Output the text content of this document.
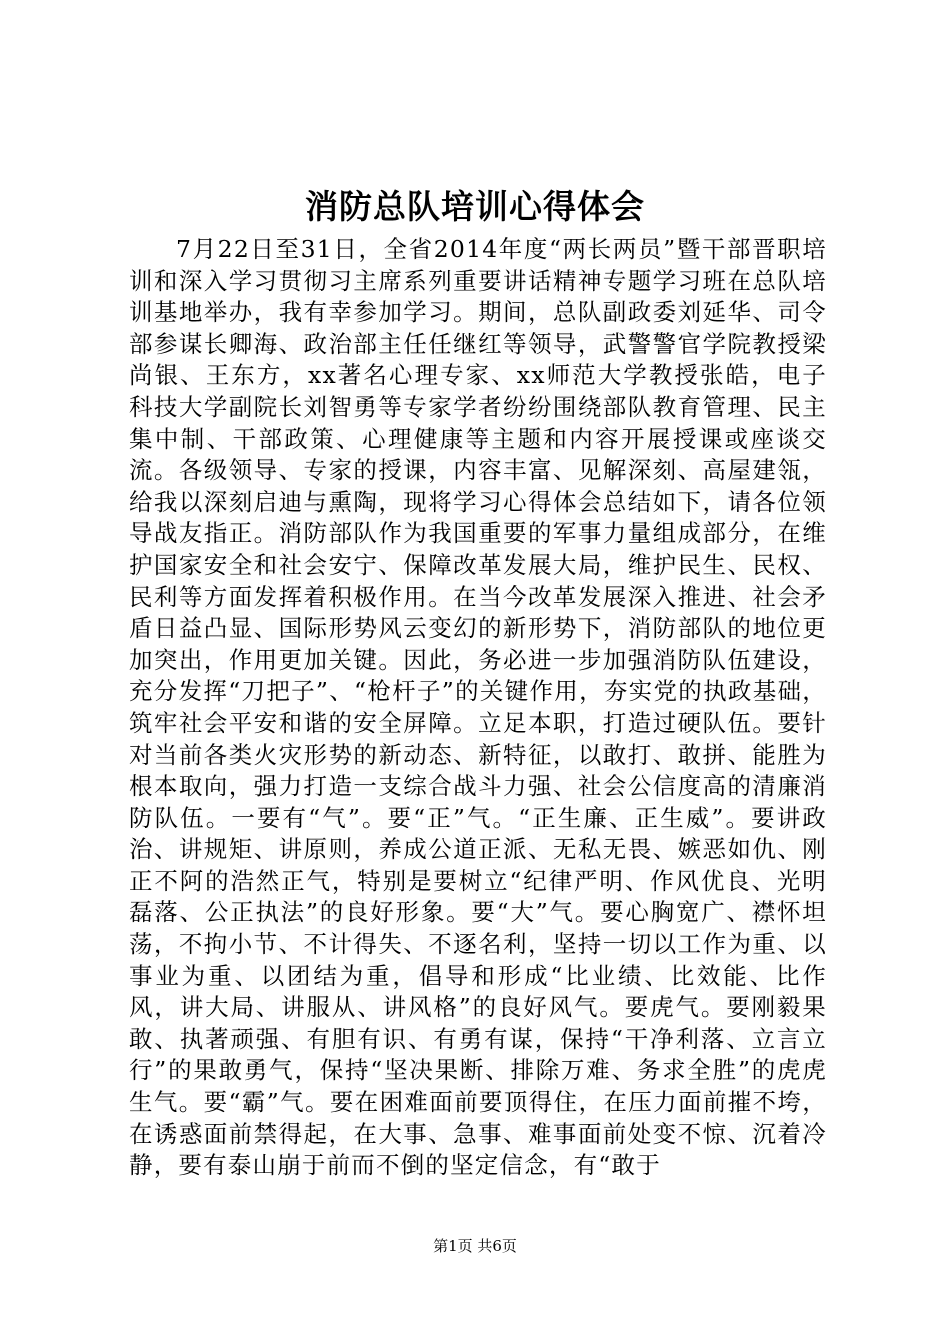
消防总队培训心得体会

7月22日至31日，全省2014年度“两长两员”暨干部晋职培训和深入学习贯彻习主席系列重要讲话精神专题学习班在总队培训基地举办，我有幸参加学习。期间，总队副政委刘延华、司令部参谋长卿海、政治部主任任继红等领导，武警警官学院教授梁尚银、王东方，xx著名心理专家、xx师范大学教授张皓，电子科技大学副院长刘智勇等专家学者纷纷围绕部队教育管理、民主集中制、干部政策、心理健康等主题和内容开展授课或座谈交流。各级领导、专家的授课，内容丰富、见解深刻、高屋建瓴，给我以深刻启迪与熏陶，现将学习心得体会总结如下，请各位领导战友指正。消防部队作为我国重要的军事力量组成部分，在维护国家安全和社会安宁、保障改革发展大局，维护民生、民权、民利等方面发挥着积极作用。在当今改革发展深入推进、社会矛盾日益凸显、国际形势风云变幻的新形势下，消防部队的地位更加突出，作用更加关键。因此，务必进一步加强消防队伍建设，充分发挥“刀把子”、“枪杆子”的关键作用，夯实党的执政基础，筑牢社会平安和谐的安全屏障。立足本职，打造过硬队伍。要针对当前各类火灾形势的新动态、新特征，以敢打、敢拼、能胜为根本取向，强力打造一支综合战斗力强、社会公信度高的清廉消防队伍。一要有“气”。要“正”气。“正生廉、正生威”。要讲政治、讲规矩、讲原则，养成公道正派、无私无畏、嫉恶如仇、刚正不阿的浩然正气，特别是要树立“纪律严明、作风优良、光明磊落、公正执法”的良好形象。要“大”气。要心胸宽广、襟怀坦荡，不拘小节、不计得失、不逐名利，坚持一切以工作为重、以事业为重、以团结为重，倡导和形成“比业绩、比效能、比作风，讲大局、讲服从、讲风格”的良好风气。要虎气。要刚毅果敢、执著顽强、有胆有识、有勇有谋，保持“干净利落、立言立行”的果敢勇气，保持“坚决果断、排除万难、务求全胜”的虎虎生气。要“霸”气。要在困难面前要顶得住，在压力面前摧不垮，在诱惑面前禁得起，在大事、急事、难事面前处变不惊、沉着冷静，要有泰山崩于前而不倒的坚定信念，有“敢于

第1页 共6页
